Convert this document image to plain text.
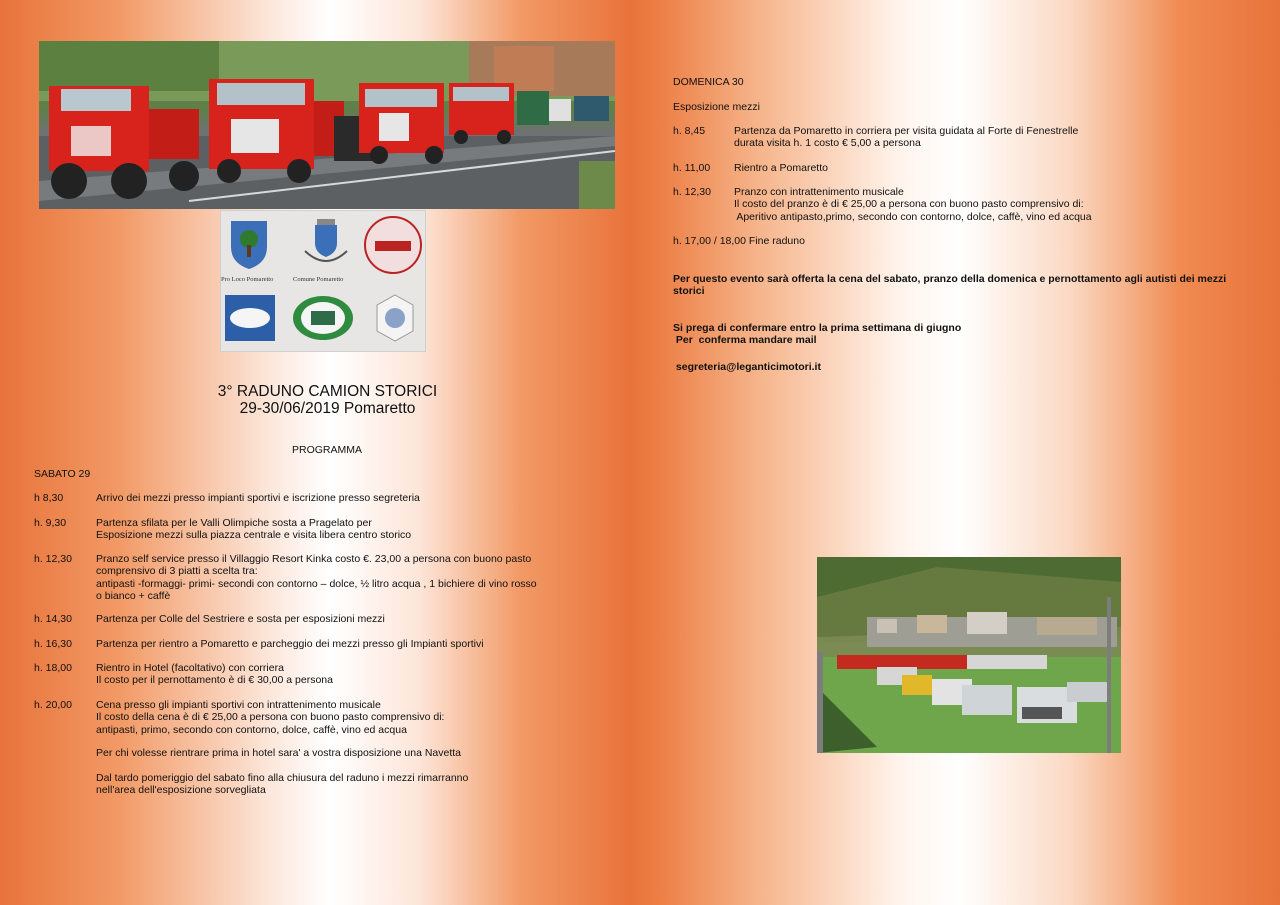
Pro Loco Pomaretto	Comune Pomaretto
3° RADUNO CAMION STORICI
29-30/06/2019 Pomaretto
PROGRAMMA
SABATO 29
h 8,30	Arrivo dei mezzi presso impianti sportivi e iscrizione presso segreteria
h. 9,30	Partenza sfilata per le Valli Olimpiche sosta a Pragelato per
Esposizione mezzi sulla piazza centrale e visita libera centro storico
h. 12,30 Pranzo self service presso il Villaggio Resort Kinka costo €. 23,00 a persona con buono pasto
comprensivo di 3 piatti a scelta tra:
antipasti -formaggi- primi- secondi con contorno – dolce, ½ litro acqua , 1 bichiere di vino rosso
o bianco + caffè
h. 14,30 Partenza per Colle del Sestriere e sosta per esposizioni mezzi
h. 16,30 Partenza per rientro a Pomaretto e parcheggio dei mezzi presso gli Impianti sportivi
h. 18,00 Rientro in Hotel (facoltativo) con corriera
Il costo per il pernottamento è di € 30,00 a persona
h. 20,00 Cena presso gli impianti sportivi con intrattenimento musicale
Il costo della cena è di € 25,00 a persona con buono pasto comprensivo di:
antipasti, primo, secondo con contorno, dolce, caffè, vino ed acqua
Per chi volesse rientrare prima in hotel sara' a vostra disposizione una Navetta
Dal tardo pomeriggio del sabato fino alla chiusura del raduno i mezzi rimarranno
nell'area dell'esposizione sorvegliata
DOMENICA 30
Esposizione mezzi
h. 8,45	Partenza da Pomaretto in corriera per visita guidata al Forte di Fenestrelle
durata visita h. 1 costo € 5,00 a persona
h. 11,00 Rientro a Pomaretto
h. 12,30 Pranzo con intrattenimento musicale
Il costo del pranzo è di € 25,00 a persona con buono pasto comprensivo di:
Aperitivo antipasto,primo, secondo con contorno, dolce, caffè, vino ed acqua
h. 17,00 / 18,00 Fine raduno
Per questo evento sarà offerta la cena del sabato, pranzo della domenica e pernottamento agli autisti dei mezzi
storici
Si prega di confermare entro la prima settimana di giugno
Per  conferma mandare mail
segreteria@leganticimotori.it
